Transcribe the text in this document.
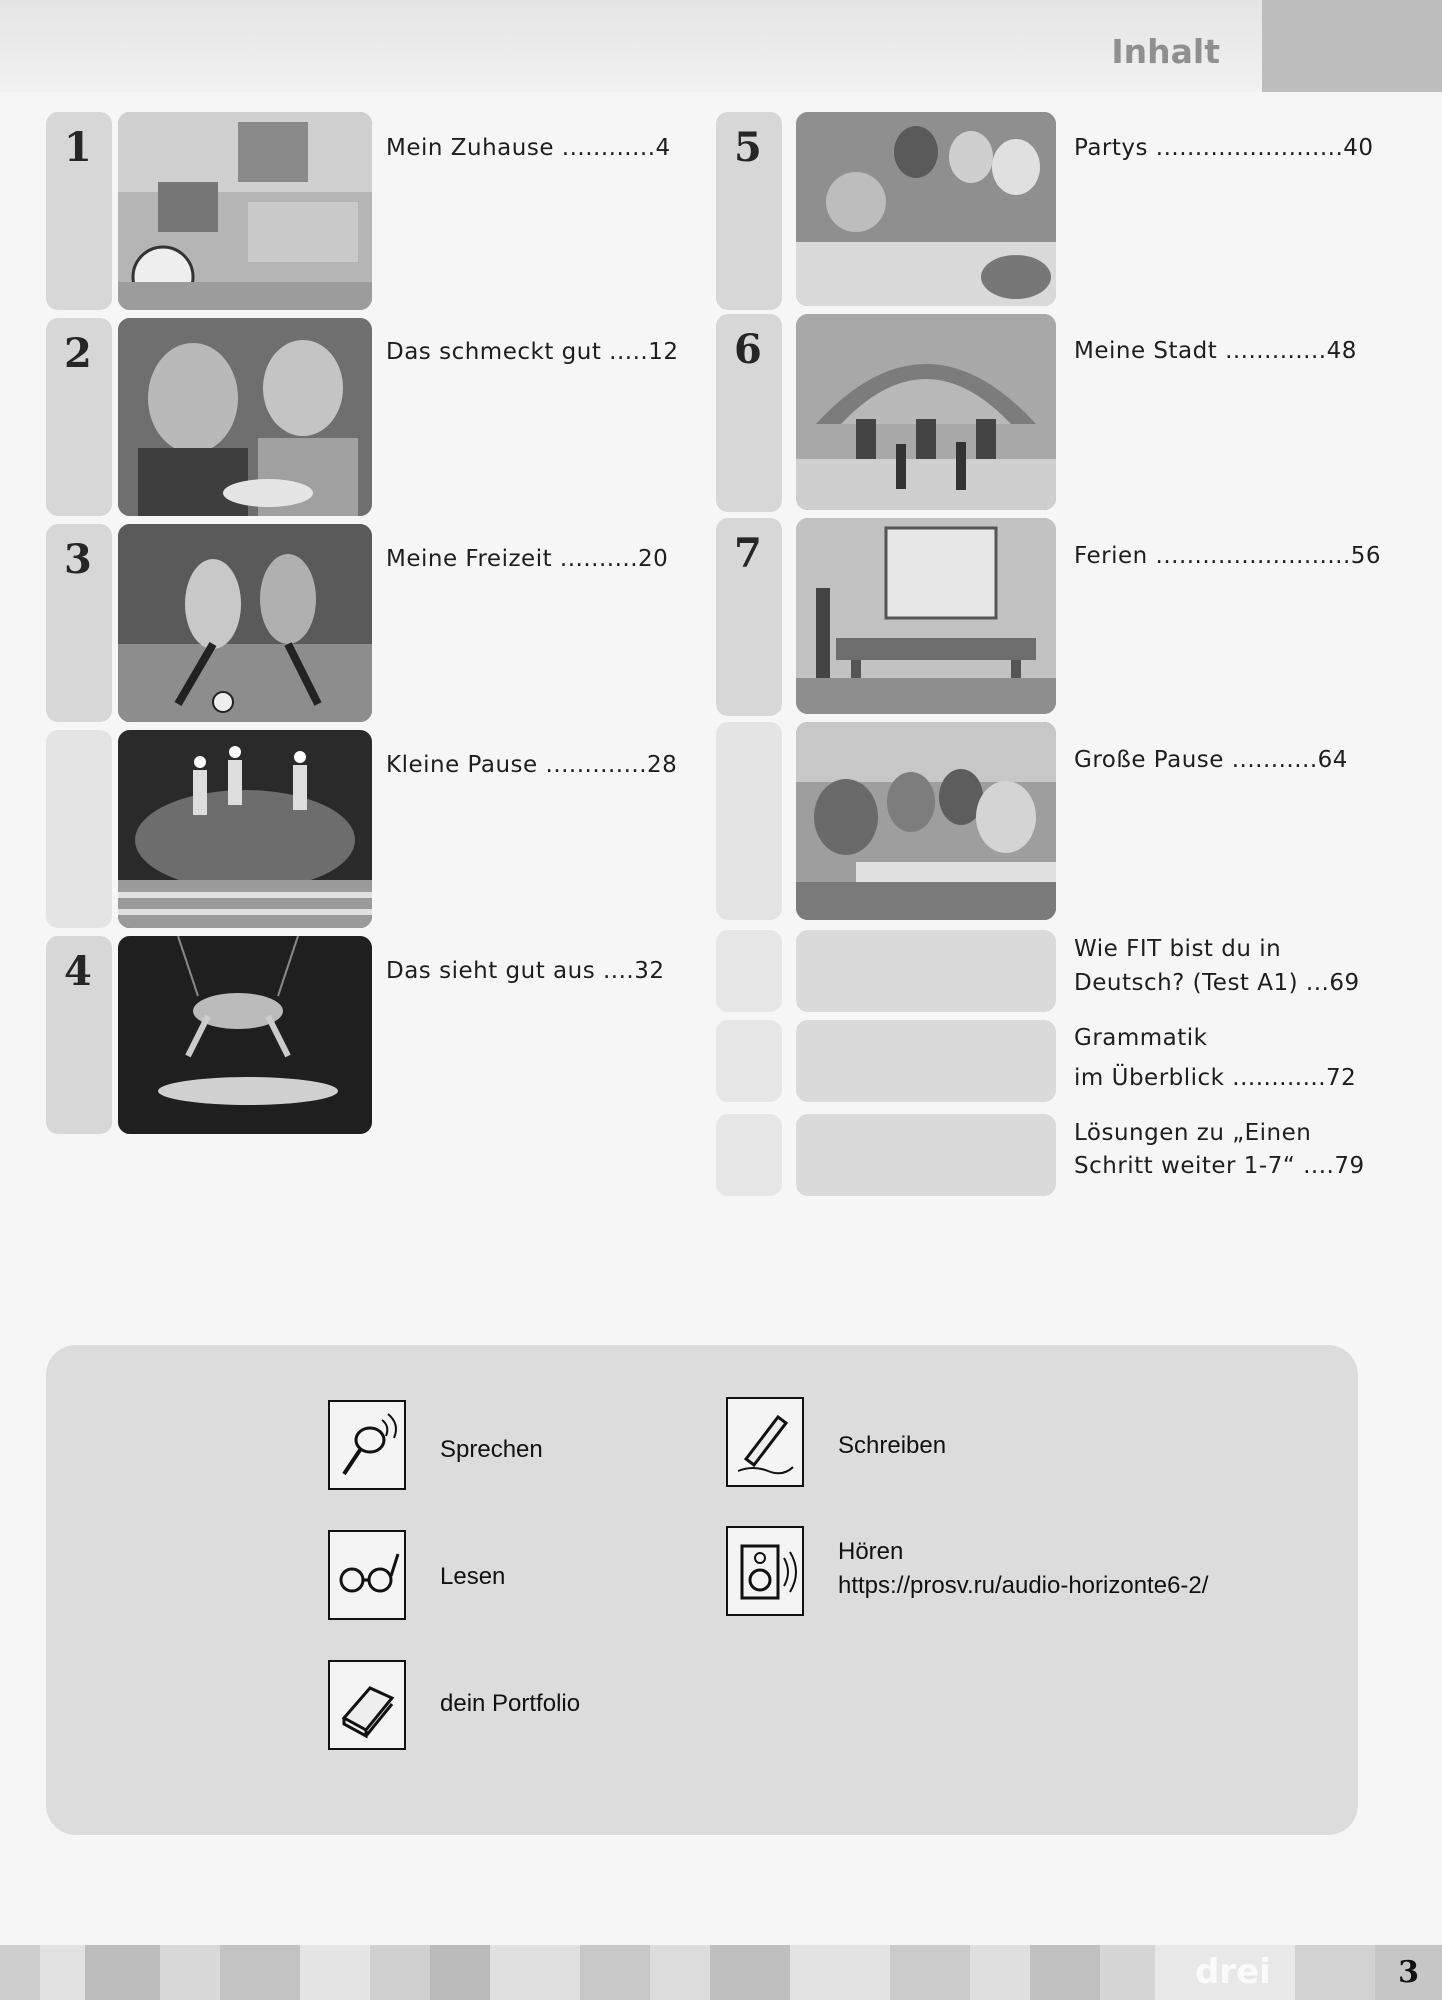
Inhalt
1	Mein Zuhause ............4
2	Das schmeckt gut .....12
3	Meine Freizeit ..........20
Kleine Pause .............28
4	Das sieht gut aus ....32
5	Partys ........................40
6	Meine Stadt .............48
7	Ferien .........................56
Große Pause ...........64
Wie FIT bist du in
Deutsch? (Test A1) ...69
Grammatik
im Überblick ............72
Lösungen zu „Einen
Schritt weiter 1-7“ ....79
Sprechen	Schreiben
Lesen
Hören
https://prosv.ru/audio-horizonte6-2/
dein Portfolio
drei	3
